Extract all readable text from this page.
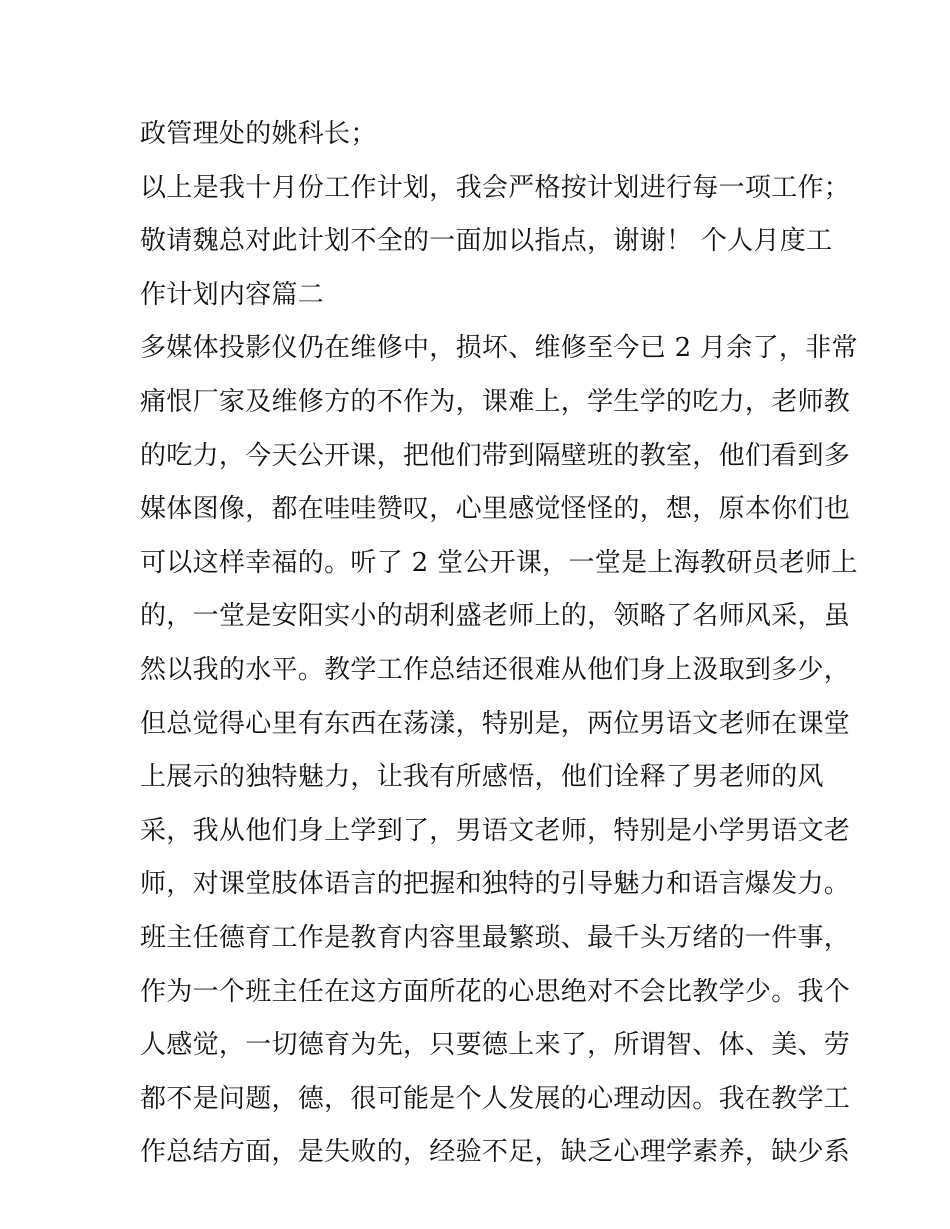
政管理处的姚科长；
以上是我十月份工作计划，我会严格按计划进行每一项工作；
敬请魏总对此计划不全的一面加以指点，谢谢！ 个人月度工
作计划内容篇二
多媒体投影仪仍在维修中，损坏、维修至今已 2 月余了，非常
痛恨厂家及维修方的不作为，课难上，学生学的吃力，老师教
的吃力，今天公开课，把他们带到隔壁班的教室，他们看到多
媒体图像，都在哇哇赞叹，心里感觉怪怪的，想，原本你们也
可以这样幸福的。听了 2 堂公开课，一堂是上海教研员老师上
的，一堂是安阳实小的胡利盛老师上的，领略了名师风采，虽
然以我的水平。教学工作总结还很难从他们身上汲取到多少，
但总觉得心里有东西在荡漾，特别是，两位男语文老师在课堂
上展示的独特魅力，让我有所感悟，他们诠释了男老师的风
采，我从他们身上学到了，男语文老师，特别是小学男语文老
师，对课堂肢体语言的把握和独特的引导魅力和语言爆发力。
班主任德育工作是教育内容里最繁琐、最千头万绪的一件事，
作为一个班主任在这方面所花的心思绝对不会比教学少。我个
人感觉，一切德育为先，只要德上来了，所谓智、体、美、劳
都不是问题，德，很可能是个人发展的心理动因。我在教学工
作总结方面，是失败的，经验不足，缺乏心理学素养，缺少系
